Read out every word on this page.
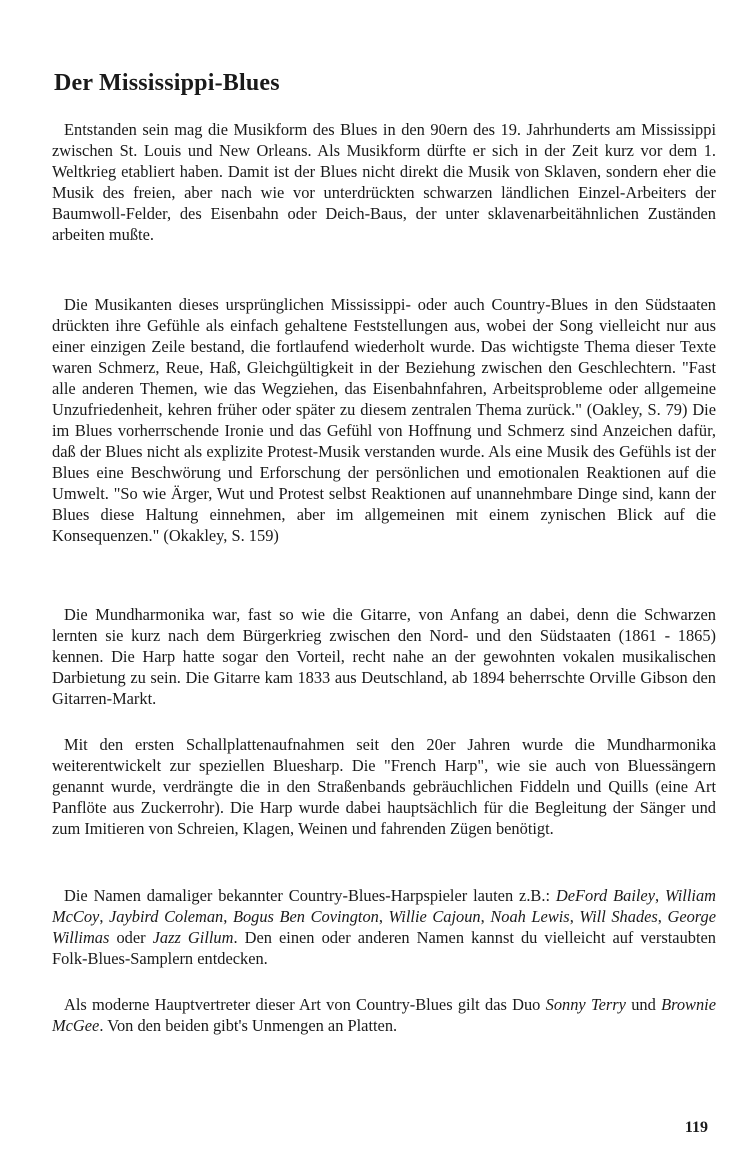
Der Mississippi-Blues

Entstanden sein mag die Musikform des Blues in den 90ern des 19. Jahrhunderts am Mississippi zwischen St. Louis und New Orleans. Als Musikform dürfte er sich in der Zeit kurz vor dem 1. Weltkrieg etabliert haben. Damit ist der Blues nicht direkt die Musik von Sklaven, sondern eher die Musik des freien, aber nach wie vor unterdrückten schwarzen ländlichen Einzel-Arbeiters der Baumwoll-Felder, des Eisenbahn oder Deich-Baus, der unter sklavenarbeitähnlichen Zuständen arbeiten mußte.

Die Musikanten dieses ursprünglichen Mississippi- oder auch Country-Blues in den Südstaaten drückten ihre Gefühle als einfach gehaltene Feststellungen aus, wobei der Song vielleicht nur aus einer einzigen Zeile bestand, die fortlaufend wiederholt wurde. Das wichtigste Thema dieser Texte waren Schmerz, Reue, Haß, Gleichgültigkeit in der Beziehung zwischen den Geschlechtern. "Fast alle anderen Themen, wie das Wegziehen, das Eisenbahnfahren, Arbeitsprobleme oder allgemeine Unzufriedenheit, kehren früher oder später zu diesem zentralen Thema zurück." (Oakley, S. 79) Die im Blues vorherrschende Ironie und das Gefühl von Hoffnung und Schmerz sind Anzeichen dafür, daß der Blues nicht als explizite Protest-Musik verstanden wurde. Als eine Musik des Gefühls ist der Blues eine Beschwörung und Erforschung der persönlichen und emotionalen Reaktionen auf die Umwelt. "So wie Ärger, Wut und Protest selbst Reaktionen auf unannehmbare Dinge sind, kann der Blues diese Haltung einnehmen, aber im allgemeinen mit einem zynischen Blick auf die Konsequenzen." (Okakley, S. 159)

Die Mundharmonika war, fast so wie die Gitarre, von Anfang an dabei, denn die Schwarzen lernten sie kurz nach dem Bürgerkrieg zwischen den Nord- und den Südstaaten (1861 - 1865) kennen. Die Harp hatte sogar den Vorteil, recht nahe an der gewohnten vokalen musikalischen Darbietung zu sein. Die Gitarre kam 1833 aus Deutschland, ab 1894 beherrschte Orville Gibson den Gitarren-Markt.

Mit den ersten Schallplattenaufnahmen seit den 20er Jahren wurde die Mundharmonika weiterentwickelt zur speziellen Bluesharp. Die "French Harp", wie sie auch von Bluessängern genannt wurde, verdrängte die in den Straßenbands gebräuchlichen Fiddeln und Quills (eine Art Panflöte aus Zuckerrohr). Die Harp wurde dabei hauptsächlich für die Begleitung der Sänger und zum Imitieren von Schreien, Klagen, Weinen und fahrenden Zügen benötigt.

Die Namen damaliger bekannter Country-Blues-Harpspieler lauten z.B.: DeFord Bailey, William McCoy, Jaybird Coleman, Bogus Ben Covington, Willie Cajoun, Noah Lewis, Will Shades, George Willimas oder Jazz Gillum. Den einen oder anderen Namen kannst du vielleicht auf verstaubten Folk-Blues-Samplern entdecken.

Als moderne Hauptvertreter dieser Art von Country-Blues gilt das Duo Sonny Terry und Brownie McGee. Von den beiden gibt's Unmengen an Platten.

119
